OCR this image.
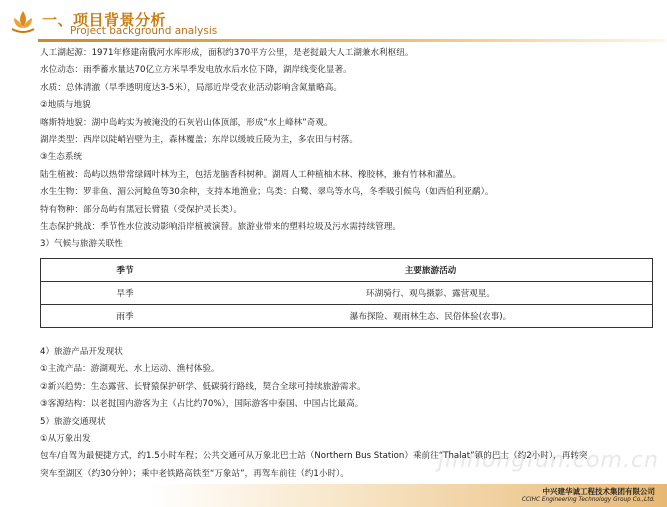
一、项目背景分析
Project background analysis
人工湖起源：1971年修建南俄河水库形成，面积约370平方公里，是老挝最大人工湖兼水利枢纽。
水位动态：雨季蓄水量达70亿立方米旱季发电放水后水位下降，湖岸线变化显著。
水质：总体清澈（旱季透明度达3-5米），局部近岸受农业活动影响含氮量略高。
②地质与地貌
喀斯特地貌：湖中岛屿实为被淹没的石灰岩山体顶部，形成“水上峰林”奇观。
湖岸类型：西岸以陡峭岩壁为主，森林覆盖；东岸以缓坡丘陵为主，多农田与村落。
③生态系统
陆生植被：岛屿以热带常绿阔叶林为主，包括龙脑香科树种。湖周人工种植柚木林、橡胶林，兼有竹林和灌丛。
水生生物：罗非鱼、湄公河鲶鱼等30余种，支持本地渔业；鸟类：白鹭、翠鸟等水鸟，冬季吸引候鸟（如西伯利亚鹬）。
特有物种：部分岛屿有黑冠长臂猿（受保护灵长类）。
生态保护挑战：季节性水位波动影响沿岸植被演替。旅游业带来的塑料垃圾及污水需持续管理。
3）气候与旅游关联性
季节	主要旅游活动
旱季	环湖骑行、观鸟摄影、露营观星。
雨季	瀑布探险、观雨林生态、民俗体验(农事)。
4）旅游产品开发现状
①主流产品：游湖观光、水上运动、渔村体验。
②新兴趋势：生态露营、长臂猿保护研学、低碳骑行路线，契合全球可持续旅游需求。
③客源结构：以老挝国内游客为主（占比约70%），国际游客中泰国、中国占比最高。
5）旅游交通现状
①从万象出发
包车/自驾为最便捷方式，约1.5小时车程；公共交通可从万象北巴士站（Northern Bus Station）乘前往“Thalat”镇的巴士（约2小时），再转突
突车至湖区（约30分钟）；乘中老铁路高铁至“万象站”，再驾车前往（约1小时）。
jinhongfun.com.cn
中兴建华诚工程技术集团有限公司
CCIHC Engineering Technology Group Co.,Ltd.
